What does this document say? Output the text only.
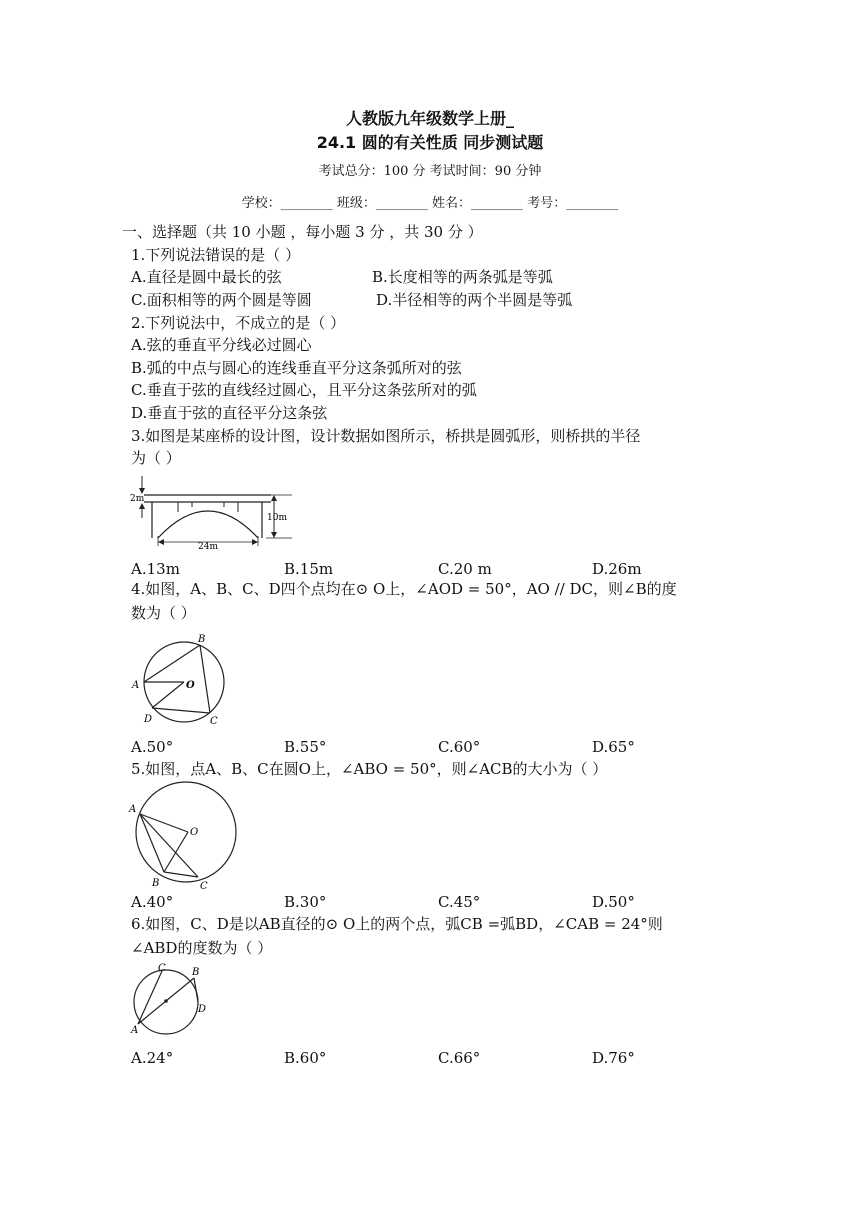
人教版九年级数学上册_
24.1 圆的有关性质 同步测试题
考试总分：100 分 考试时间：90 分钟
学校：________ 班级：________ 姓名：________ 考号：________
一、选择题（共 10 小题 ，每小题 3 分 ，共 30 分 ）
1.下列说法错误的是（ ）
A.直径是圆中最长的弦	B.长度相等的两条弧是等弧
C.面积相等的两个圆是等圆	D.半径相等的两个半圆是等弧
2.下列说法中，不成立的是（ ）
A.弦的垂直平分线必过圆心
B.弧的中点与圆心的连线垂直平分这条弧所对的弦
C.垂直于弦的直线经过圆心，且平分这条弦所对的弧
D.垂直于弦的直径平分这条弦
3.如图是某座桥的设计图，设计数据如图所示，桥拱是圆弧形，则桥拱的半径
为（ ）
2m
10m
24m
A.13m	B.15m	C.20 m	D.26m
4.如图，A、B、C、D四个点均在⊙ O上，∠AOD = 50°，AO // DC，则∠B的度
数为（ ）
A
B
C
D
O
A.50°	B.55°	C.60°	D.65°
5.如图，点A、B、C在圆O上，∠ABO = 50°，则∠ACB的大小为（ ）
A
B	C
O
A.40°	B.30°	C.45°	D.50°
6.如图，C、D是以AB直径的⊙ O上的两个点，弧CB =弧BD，∠CAB = 24°则
∠ABD的度数为（ ）
A
B
C
D
A.24°	B.60°	C.66°	D.76°
